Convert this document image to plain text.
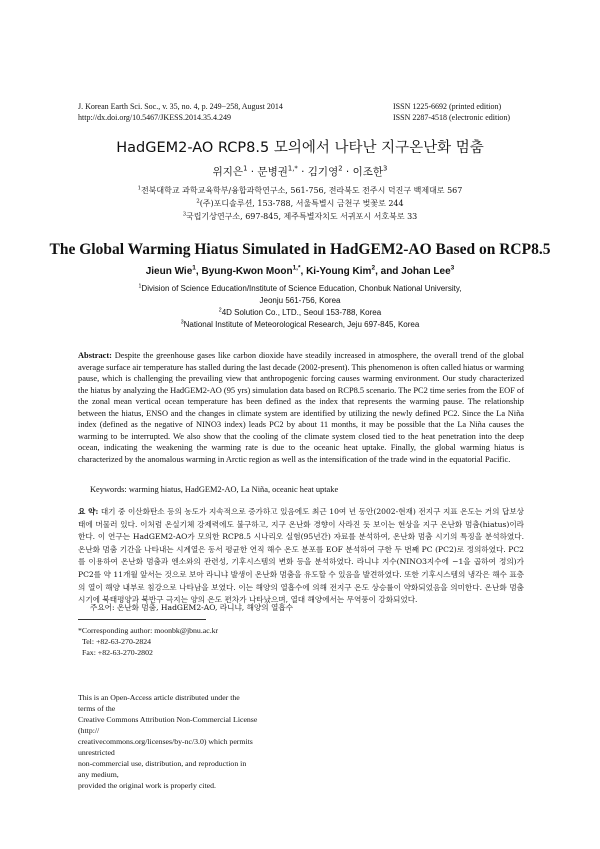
J. Korean Earth Sci. Soc., v. 35, no. 4, p. 249−258, August 2014
http://dx.doi.org/10.5467/JKESS.2014.35.4.249
ISSN 1225-6692 (printed edition)
ISSN 2287-4518 (electronic edition)
HadGEM2-AO RCP8.5 모의에서 나타난 지구온난화 멈춤
위지은$^1$ · 문병권$^{1,*}$ · 김기영$^2$ · 이조한$^3$
$^1$전북대학교 과학교육학부/융합과학연구소, 561-756, 전라북도 전주시 덕진구 백제대로 567
$^2$(주)포디솔루션, 153-788, 서울특별시 금천구 벚꽃로 244
$^3$국립기상연구소, 697-845, 제주특별자치도 서귀포시 서호북로 33
The Global Warming Hiatus Simulated in HadGEM2-AO Based on RCP8.5
Jieun Wie$^1$, Byung-Kwon Moon$^{1,*}$, Ki-Young Kim$^2$, and Johan Lee$^3$
$^1$Division of Science Education/Institute of Science Education, Chonbuk National University,
Jeonju 561-756, Korea
$^2$4D Solution Co., LTD., Seoul 153-788, Korea
$^3$National Institute of Meteorological Research, Jeju 697-845, Korea
Abstract: Despite the greenhouse gases like carbon dioxide have steadily increased in atmosphere, the overall trend of the global average surface air temperature has stalled during the last decade (2002-present). This phenomenon is often called hiatus or warming pause, which is challenging the prevailing view that anthropogenic forcing causes warming environment. Our study characterized the hiatus by analyzing the HadGEM2-AO (95 yrs) simulation data based on RCP8.5 scenario. The PC2 time series from the EOF of the zonal mean vertical ocean temperature has been defined as the index that represents the warming pause. The relationship between the hiatus, ENSO and the changes in climate system are identified by utilizing the newly defined PC2. Since the La Niña index (defined as the negative of NINO3 index) leads PC2 by about 11 months, it may be possible that the La Niña causes the warming to be interrupted. We also show that the cooling of the climate system closed tied to the heat penetration into the deep ocean, indicating the weakening the warming rate is due to the oceanic heat uptake. Finally, the global warming hiatus is characterized by the anomalous warming in Arctic region as well as the intensification of the trade wind in the equatorial Pacific.
Keywords: warming hiatus, HadGEM2-AO, La Niña, oceanic heat uptake
요 약: 대기 중 이산화탄소 등의 농도가 지속적으로 증가하고 있음에도 최근 10여 년 동안(2002-현재) 전지구 지표 온도는 거의 답보상태에 머물러 있다. 이처럼 온실기체 강제력에도 불구하고, 지구 온난화 경향이 사라진 듯 보이는 현상을 지구 온난화 멈춤(hiatus)이라 한다. 이 연구는 HadGEM2-AO가 모의한 RCP8.5 시나리오 실험(95년간) 자료를 분석하여, 온난화 멈춤 시기의 특징을 분석하였다. 온난화 멈춤 기간을 나타내는 시계열은 동서 평균한 연직 해수 온도 분포를 EOF 분석하여 구한 두 번째 PC (PC2)로 정의하였다. PC2를 이용하여 온난화 멈춤과 엔소와의 관련성, 기후시스템의 변화 등을 분석하였다. 라니냐 지수(NINO3지수에 −1을 곱하여 정의)가 PC2를 약 11개월 앞서는 것으로 보아 라니냐 발생이 온난화 멈춤을 유도할 수 있음을 발견하였다. 또한 기후시스템의 냉각은 해수 표층의 열이 해양 내부로 침강으로 나타남을 보였다. 이는 해양의 열흡수에 의해 전지구 온도 상승률이 약화되었음을 의미한다. 온난화 멈춤 시기에 북태평양과 북반구 극지는 양의 온도 편차가 나타났으며, 열대 해양에서는 무역풍이 강화되었다.
주요어: 온난화 멈춤, HadGEM2-AO, 라니냐, 해양의 열흡수
*Corresponding author: moonbk@jbnu.ac.kr
Tel: +82-63-270-2824
Fax: +82-63-270-2802
This is an Open-Access article distributed under the terms of the
Creative Commons Attribution Non-Commercial License (http://
creativecommons.org/licenses/by-nc/3.0) which permits unrestricted
non-commercial use, distribution, and reproduction in any medium,
provided the original work is properly cited.
